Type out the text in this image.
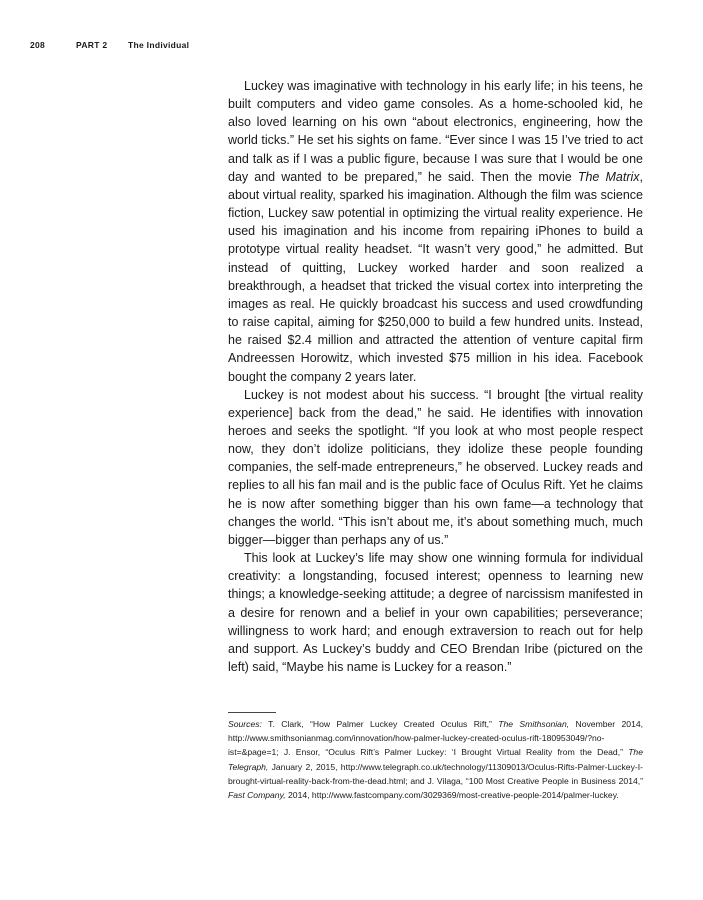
208	PART 2 The Individual

Luckey was imaginative with technology in his early life; in his teens, he built computers and video game consoles. As a home-schooled kid, he also loved learning on his own “about electronics, engineering, how the world ticks.” He set his sights on fame. “Ever since I was 15 I’ve tried to act and talk as if I was a public figure, because I was sure that I would be one day and wanted to be prepared,” he said. Then the movie The Matrix, about virtual reality, sparked his imagination. Although the film was science fiction, Luckey saw potential in optimizing the virtual reality experience. He used his imagination and his income from repairing iPhones to build a prototype virtual reality headset. “It wasn’t very good,” he admitted. But instead of quitting, Luckey worked harder and soon realized a breakthrough, a headset that tricked the visual cortex into interpreting the images as real. He quickly broadcast his success and used crowdfunding to raise capital, aiming for $250,000 to build a few hundred units. Instead, he raised $2.4 million and attracted the attention of venture capital firm Andreessen Horowitz, which invested $75 million in his idea. Facebook bought the company 2 years later.

Luckey is not modest about his success. “I brought [the virtual reality experience] back from the dead,” he said. He identifies with innovation heroes and seeks the spotlight. “If you look at who most people respect now, they don’t idolize politicians, they idolize these people founding companies, the self-made entrepreneurs,” he observed. Luckey reads and replies to all his fan mail and is the public face of Oculus Rift. Yet he claims he is now after something bigger than his own fame—a technology that changes the world. “This isn’t about me, it’s about something much, much bigger—bigger than perhaps any of us.”

This look at Luckey’s life may show one winning formula for individual creativity: a longstanding, focused interest; openness to learning new things; a knowledge-seeking attitude; a degree of narcissism manifested in a desire for renown and a belief in your own capabilities; perseverance; willingness to work hard; and enough extraversion to reach out for help and support. As Luckey’s buddy and CEO Brendan Iribe (pictured on the left) said, “Maybe his name is Luckey for a reason.”

Sources: T. Clark, “How Palmer Luckey Created Oculus Rift,” The Smithsonian, November 2014, http://www.smithsonianmag.com/innovation/how-palmer-luckey-created-oculus-rift-180953049/?no-ist=&page=1; J. Ensor, “Oculus Rift’s Palmer Luckey: ‘I Brought Virtual Reality from the Dead,” The Telegraph, January 2, 2015, http://www.telegraph.co.uk/technology/11309013/Oculus-Rifts-Palmer-Luckey-I-brought-virtual-reality-back-from-the-dead.html; and J. Vilaga, “100 Most Creative People in Business 2014,” Fast Company, 2014, http://www.fastcompany.com/3029369/most-creative-people-2014/palmer-luckey.
